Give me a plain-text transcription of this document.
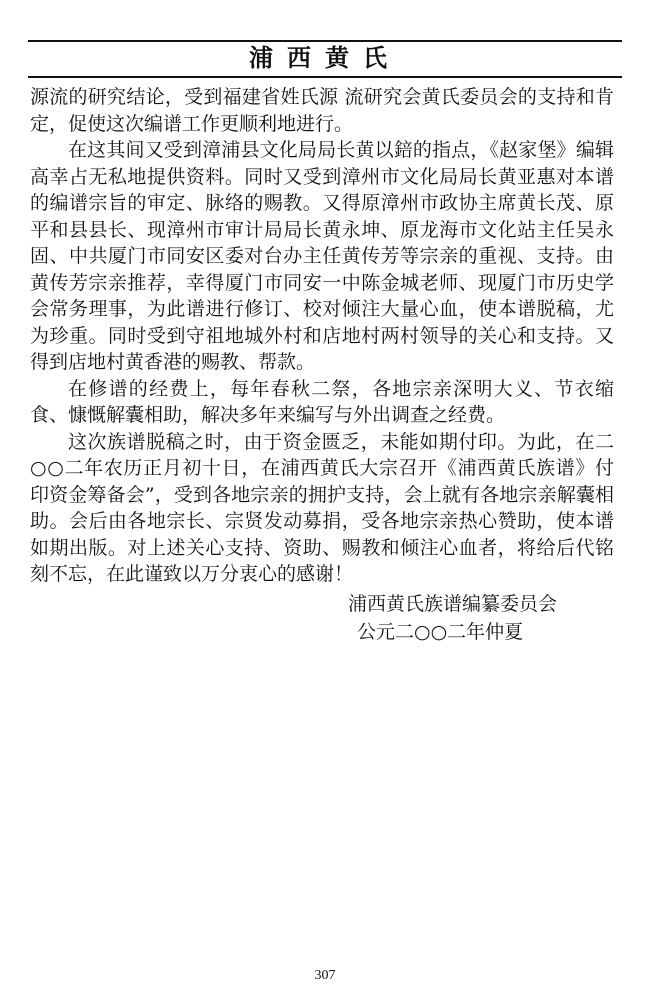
浦西黄氏

源流的研究结论，受到福建省姓氏源 流研究会黄氏委员会的支持和肯定，促使这次编谱工作更顺利地进行。

在这其间又受到漳浦县文化局局长黄以錇的指点，《赵家堡》编辑高幸占无私地提供资料。同时又受到漳州市文化局局长黄亚惠对本谱的编谱宗旨的审定、脉络的赐教。又得原漳州市政协主席黄长茂、原平和县县长、现漳州市审计局局长黄永坤、原龙海市文化站主任吴永固、中共厦门市同安区委对台办主任黄传芳等宗亲的重视、支持。由黄传芳宗亲推荐，幸得厦门市同安一中陈金城老师、现厦门市历史学会常务理事，为此谱进行修订、校对倾注大量心血，使本谱脱稿，尤为珍重。同时受到守祖地城外村和店地村两村领导的关心和支持。又得到店地村黄香港的赐教、帮款。

在修谱的经费上，每年春秋二祭，各地宗亲深明大义、节衣缩食、慷慨解囊相助，解决多年来编写与外出调查之经费。

这次族谱脱稿之时，由于资金匮乏，未能如期付印。为此，在二○○二年农历正月初十日，在浦西黄氏大宗召开《浦西黄氏族谱》付印资金筹备会”，受到各地宗亲的拥护支持，会上就有各地宗亲解囊相助。会后由各地宗长、宗贤发动募捐，受各地宗亲热心赞助，使本谱如期出版。对上述关心支持、资助、赐教和倾注心血者，将给后代铭刻不忘，在此谨致以万分衷心的感谢！

浦西黄氏族谱编纂委员会
公元二○○二年仲夏
307
